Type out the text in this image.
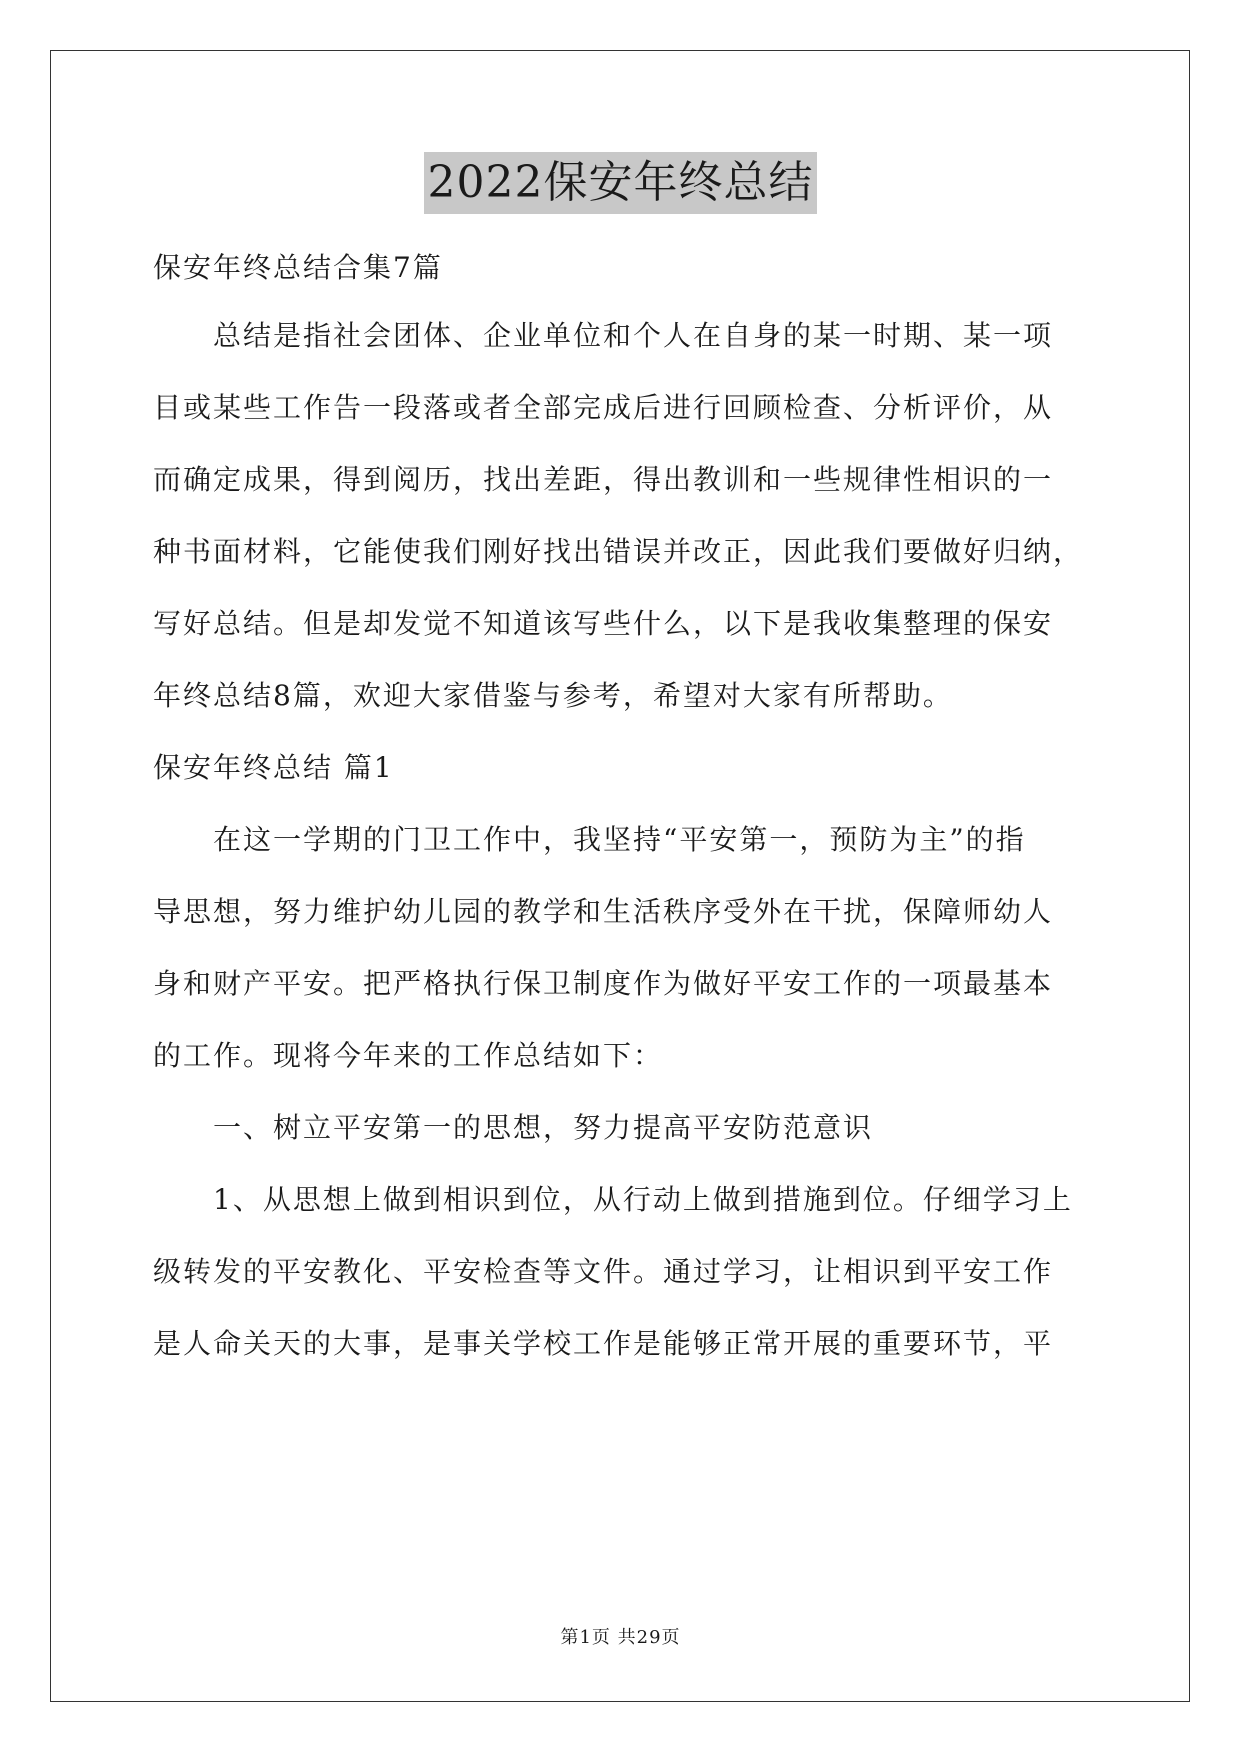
2022保安年终总结
保安年终总结合集7篇
总结是指社会团体、企业单位和个人在自身的某一时期、某一项
目或某些工作告一段落或者全部完成后进行回顾检查、分析评价，从
而确定成果，得到阅历，找出差距，得出教训和一些规律性相识的一
种书面材料，它能使我们刚好找出错误并改正，因此我们要做好归纳，
写好总结。但是却发觉不知道该写些什么，以下是我收集整理的保安
年终总结8篇，欢迎大家借鉴与参考，希望对大家有所帮助。
保安年终总结 篇1
在这一学期的门卫工作中，我坚持“平安第一，预防为主”的指
导思想，努力维护幼儿园的教学和生活秩序受外在干扰，保障师幼人
身和财产平安。把严格执行保卫制度作为做好平安工作的一项最基本
的工作。现将今年来的工作总结如下：
一、树立平安第一的思想，努力提高平安防范意识
1、从思想上做到相识到位，从行动上做到措施到位。仔细学习上
级转发的平安教化、平安检查等文件。通过学习，让相识到平安工作
是人命关天的大事，是事关学校工作是能够正常开展的重要环节，平
第1页 共29页
